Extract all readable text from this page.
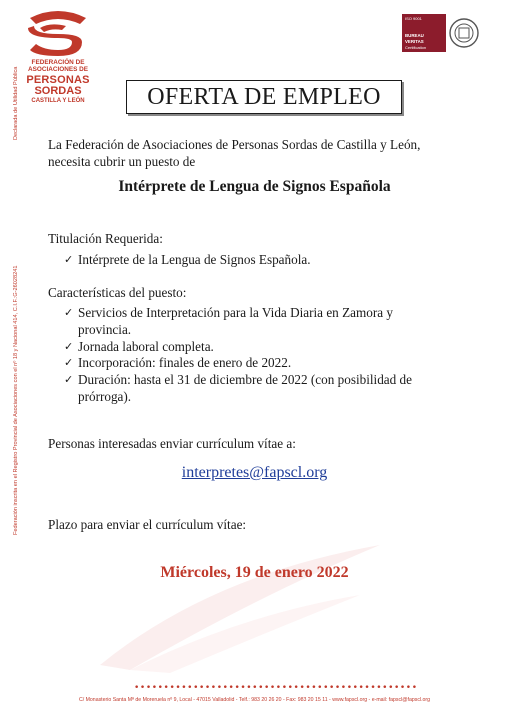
Declarada de Utilidad Pública
Federación inscrita en el Registro Provincial de Asociaciones con el nº 18 y Nacional 414, C.I.F.:G-26028241
FEDERACIÓN DE
ASOCIACIONES DE
PERSONAS
SORDAS
CASTILLA Y LEÓN
ISO 9001
BUREAU VERITAS
Certification
OFERTA DE EMPLEO
La Federación de Asociaciones de Personas Sordas de Castilla y León, necesita cubrir un puesto de
Intérprete de Lengua de Signos Española
Titulación Requerida:
✓ Intérprete de la Lengua de Signos Española.
Características del puesto:
✓ Servicios de Interpretación para la Vida Diaria en Zamora y provincia.
✓ Jornada laboral completa.
✓ Incorporación: finales de enero de 2022.
✓ Duración: hasta el 31 de diciembre de 2022 (con posibilidad de prórroga).
Personas interesadas enviar currículum vítae a:
interpretes@fapscl.org
Plazo para enviar el currículum vítae:
Miércoles, 19 de enero 2022
••••••••••••••••••••••••••••••••••••••••••••••••
C/ Monasterio Santa Mª de Moreruela nº 9, Local - 47015 Valladolid - Telf.: 983 20 26 20 - Fax: 983 20 15 11 - www.fapscl.org - e-mail: fapscl@fapscl.org
